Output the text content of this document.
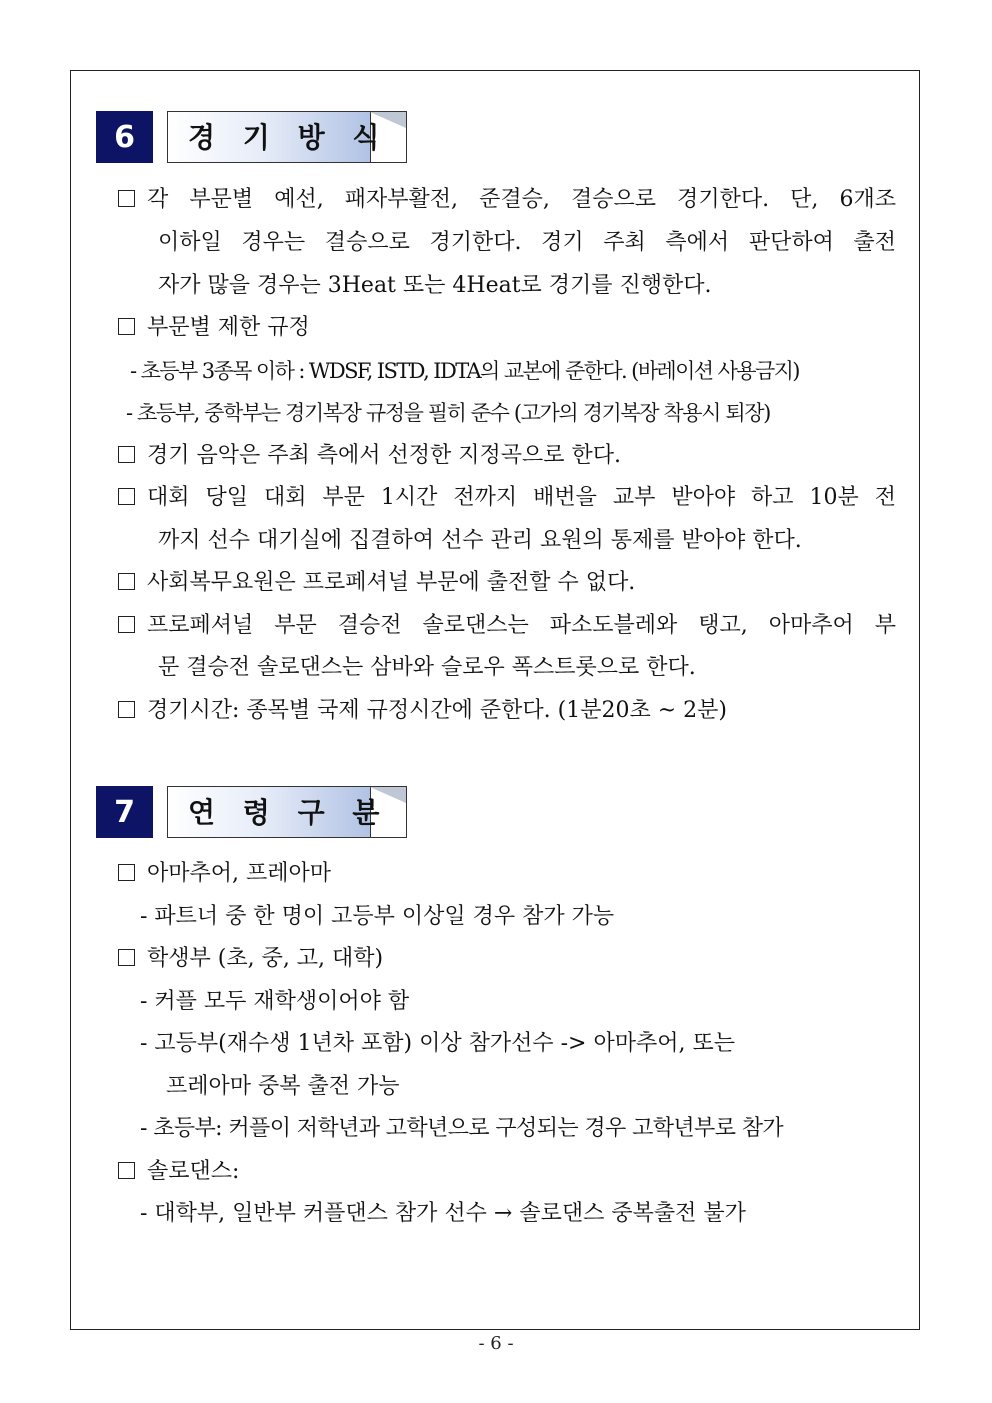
6	경 기 방 식
각 부문별 예선, 패자부활전, 준결승, 결승으로 경기한다. 단, 6개조
이하일 경우는 결승으로 경기한다. 경기 주최 측에서 판단하여 출전
자가 많을 경우는 3Heat 또는 4Heat로 경기를 진행한다.
부문별 제한 규정
- 초등부 3종목 이하 : WDSF, ISTD, IDTA의 교본에 준한다. (바레이션 사용금지)
- 초등부, 중학부는 경기복장 규정을 필히 준수 (고가의 경기복장 착용시 퇴장)
경기 음악은 주최 측에서 선정한 지정곡으로 한다.
대회 당일 대회 부문 1시간 전까지 배번을 교부 받아야 하고 10분 전
까지 선수 대기실에 집결하여 선수 관리 요원의 통제를 받아야 한다.
사회복무요원은 프로페셔널 부문에 출전할 수 없다.
프로페셔널 부문 결승전 솔로댄스는 파소도블레와 탱고, 아마추어 부
문 결승전 솔로댄스는 삼바와 슬로우 폭스트롯으로 한다.
경기시간: 종목별 국제 규정시간에 준한다. (1분20초 ~ 2분)
7	연 령 구 분
아마추어, 프레아마
- 파트너 중 한 명이 고등부 이상일 경우 참가 가능
학생부 (초, 중, 고, 대학)
- 커플 모두 재학생이어야 함
- 고등부(재수생 1년차 포함) 이상 참가선수 -> 아마추어, 또는
프레아마 중복 출전 가능
- 초등부: 커플이 저학년과 고학년으로 구성되는 경우 고학년부로 참가
솔로댄스:
- 대학부, 일반부 커플댄스 참가 선수 → 솔로댄스 중복출전 불가
- 6 -
